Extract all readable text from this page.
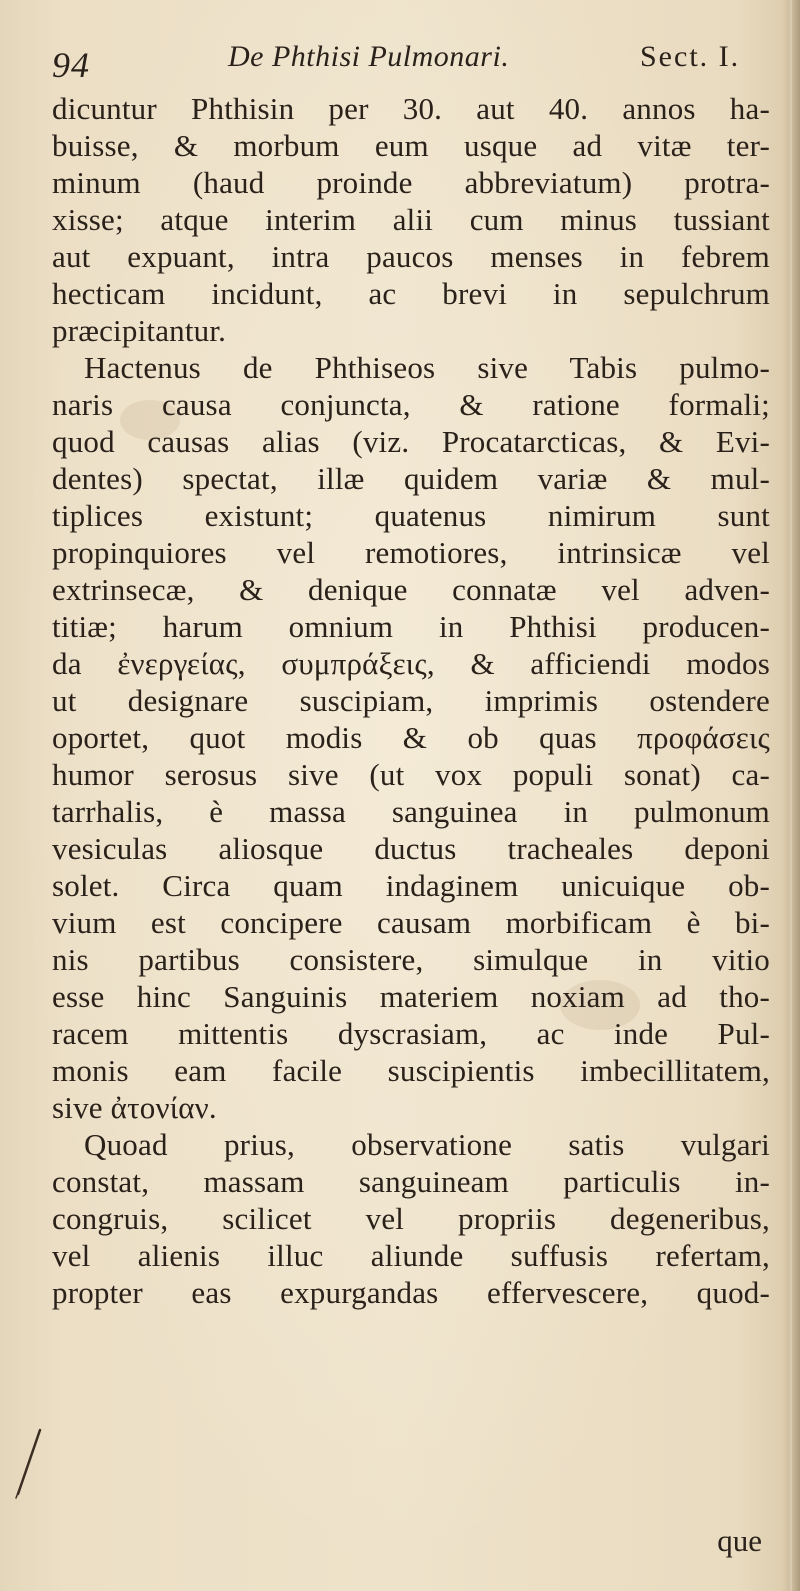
94	De Phthisi Pulmonari.	Sect. I.
dicuntur Phthisin per 30. aut 40. annos ha-
buisse, & morbum eum usque ad vitæ ter-
minum (haud proinde abbreviatum) protra-
xisse; atque interim alii cum minus tussiant
aut expuant, intra paucos menses in febrem
hecticam incidunt, ac brevi in sepulchrum
præcipitantur.
Hactenus de Phthiseos sive Tabis pulmo-
naris causa conjuncta, & ratione formali;
quod causas alias (viz. Procatarcticas, & Evi-
dentes) spectat, illæ quidem variæ & mul-
tiplices existunt; quatenus nimirum sunt
propinquiores vel remotiores, intrinsicæ vel
extrinsecæ, & denique connatæ vel adven-
titiæ; harum omnium in Phthisi producen-
da ἐνεργείας, συμπράξεις, & afficiendi modos
ut designare suscipiam, imprimis ostendere
oportet, quot modis & ob quas προφάσεις
humor serosus sive (ut vox populi sonat) ca-
tarrhalis, è massa sanguinea in pulmonum
vesiculas aliosque ductus tracheales deponi
solet. Circa quam indaginem unicuique ob-
vium est concipere causam morbificam è bi-
nis partibus consistere, simulque in vitio
esse hinc Sanguinis materiem noxiam ad tho-
racem mittentis dyscrasiam, ac inde Pul-
monis eam facile suscipientis imbecillitatem,
sive ἀτονίαν.
Quoad prius, observatione satis vulgari
constat, massam sanguineam particulis in-
congruis, scilicet vel propriis degeneribus,
vel alienis illuc aliunde suffusis refertam,
propter eas expurgandas effervescere, quod-
que
